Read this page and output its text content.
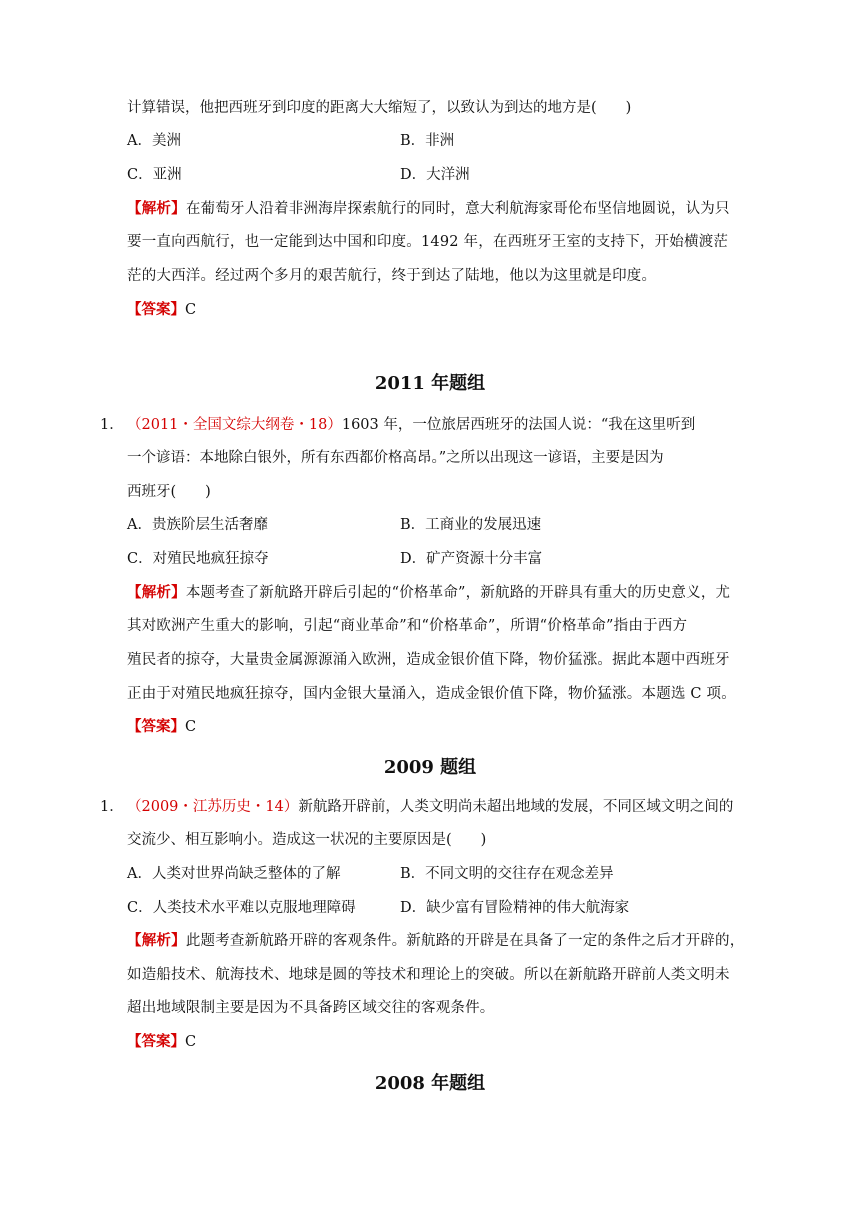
计算错误，他把西班牙到印度的距离大大缩短了，以致认为到达的地方是(　　)
A．美洲	B．非洲
C．亚洲	D．大洋洲
【解析】在葡萄牙人沿着非洲海岸探索航行的同时，意大利航海家哥伦布坚信地圆说，认为只
要一直向西航行，也一定能到达中国和印度。1492 年，在西班牙王室的支持下，开始横渡茫
茫的大西洋。经过两个多月的艰苦航行，终于到达了陆地，他以为这里就是印度。
【答案】C
2011 年题组
1． （2011・全国文综大纲卷・18）1603 年，一位旅居西班牙的法国人说：“我在这里听到
一个谚语：本地除白银外，所有东西都价格高昂。”之所以出现这一谚语，主要是因为
西班牙(　　)
A．贵族阶层生活奢靡	B．工商业的发展迅速
C．对殖民地疯狂掠夺	D．矿产资源十分丰富
【解析】本题考查了新航路开辟后引起的“价格革命”，新航路的开辟具有重大的历史意义，尤
其对欧洲产生重大的影响，引起“商业革命”和“价格革命”，所谓“价格革命”指由于西方
殖民者的掠夺，大量贵金属源源涌入欧洲，造成金银价值下降，物价猛涨。据此本题中西班牙
正由于对殖民地疯狂掠夺，国内金银大量涌入，造成金银价值下降，物价猛涨。本题选 C 项。
【答案】C
2009 题组
1． （2009・江苏历史・14）新航路开辟前，人类文明尚未超出地域的发展，不同区域文明之间的
交流少、相互影响小。造成这一状况的主要原因是(　　)
A．人类对世界尚缺乏整体的了解	B．不同文明的交往存在观念差异
C．人类技术水平难以克服地理障碍	D．缺少富有冒险精神的伟大航海家
【解析】此题考查新航路开辟的客观条件。新航路的开辟是在具备了一定的条件之后才开辟的，
如造船技术、航海技术、地球是圆的等技术和理论上的突破。所以在新航路开辟前人类文明未
超出地域限制主要是因为不具备跨区域交往的客观条件。
【答案】C
2008 年题组
